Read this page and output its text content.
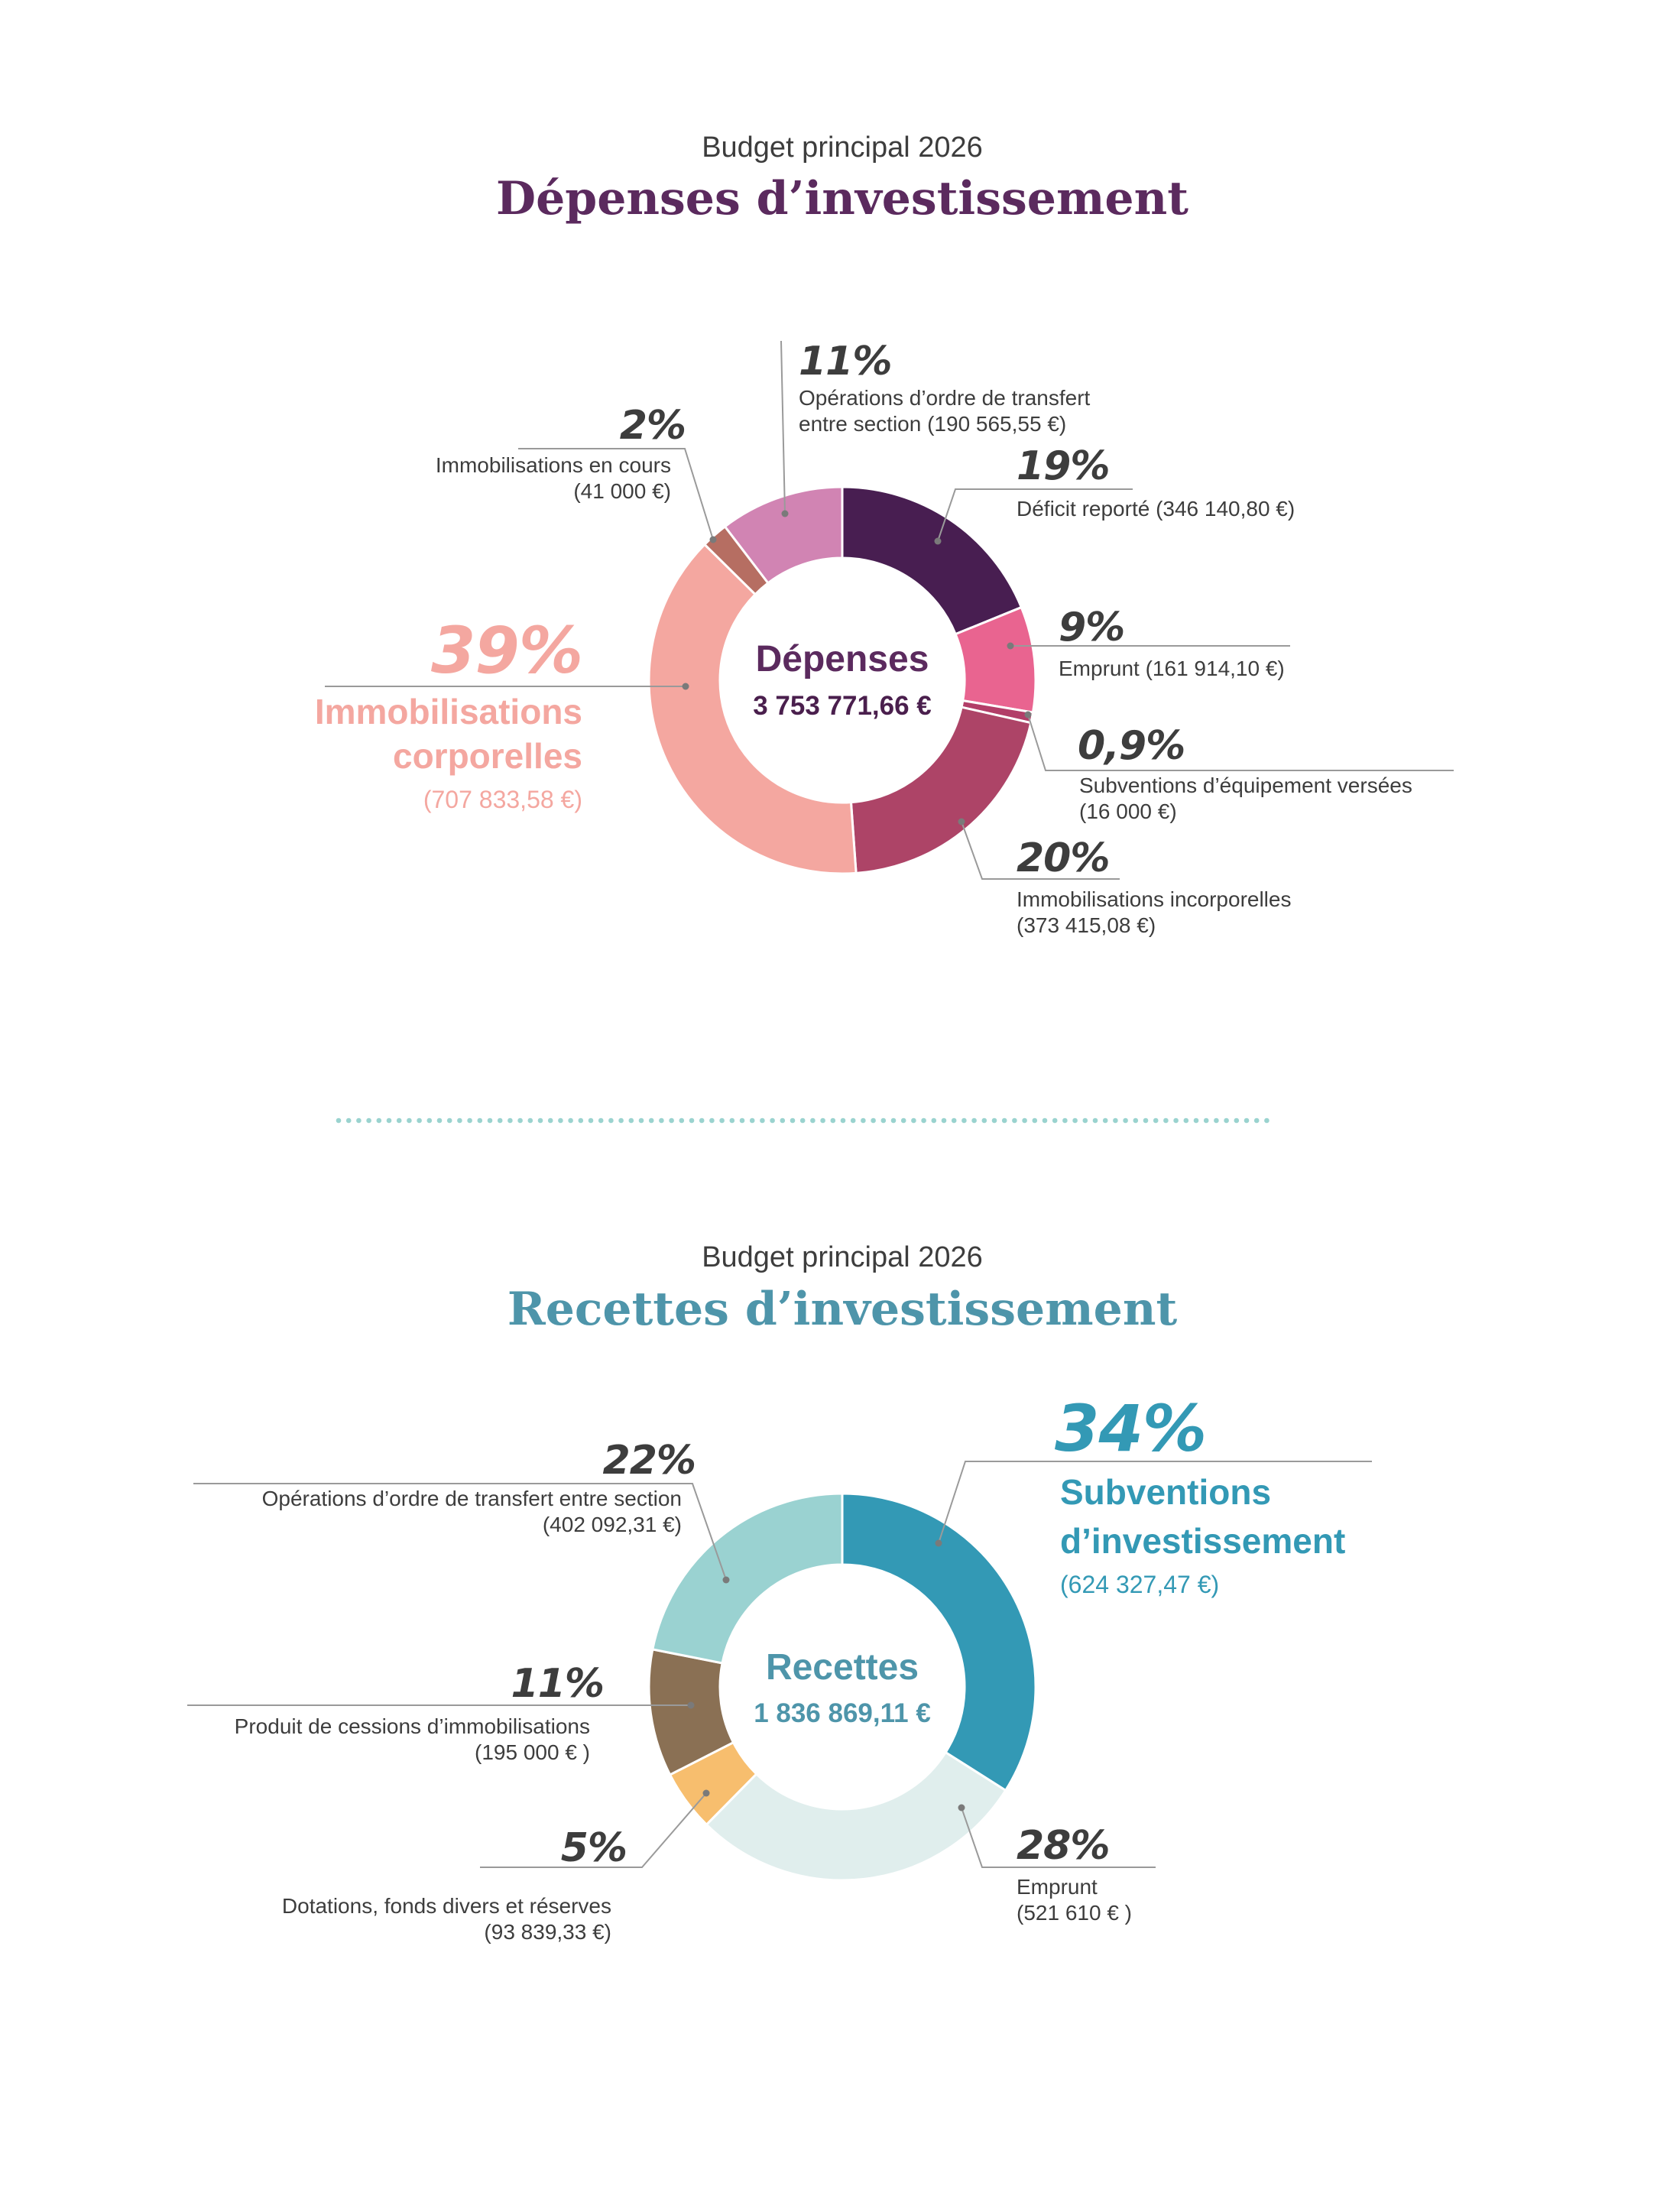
Budget principal 2026
Dépenses d’investissement
Dépenses
3 753 771,66 €
19%
Déficit reporté (346 140,80 €)
9%
Emprunt (161 914,10 €)
0,9%
Subventions d’équipement versées
(16 000 €)
20%
Immobilisations incorporelles
(373 415,08 €)
39%
Immobilisations
corporelles
(707 833,58 €)
2%
Immobilisations en cours
(41 000 €)
11%
Opérations d’ordre de transfert
entre section (190 565,55 €)
Budget principal 2026
Recettes d’investissement
Recettes
1 836 869,11 €
34%
Subventions
d’investissement
(624 327,47 €)
28%
Emprunt
(521 610 € )
5%
Dotations, fonds divers et réserves
(93 839,33 €)
11%
Produit de cessions d’immobilisations
(195 000 € )
22%
Opérations d’ordre de transfert entre section
(402 092,31 €)
